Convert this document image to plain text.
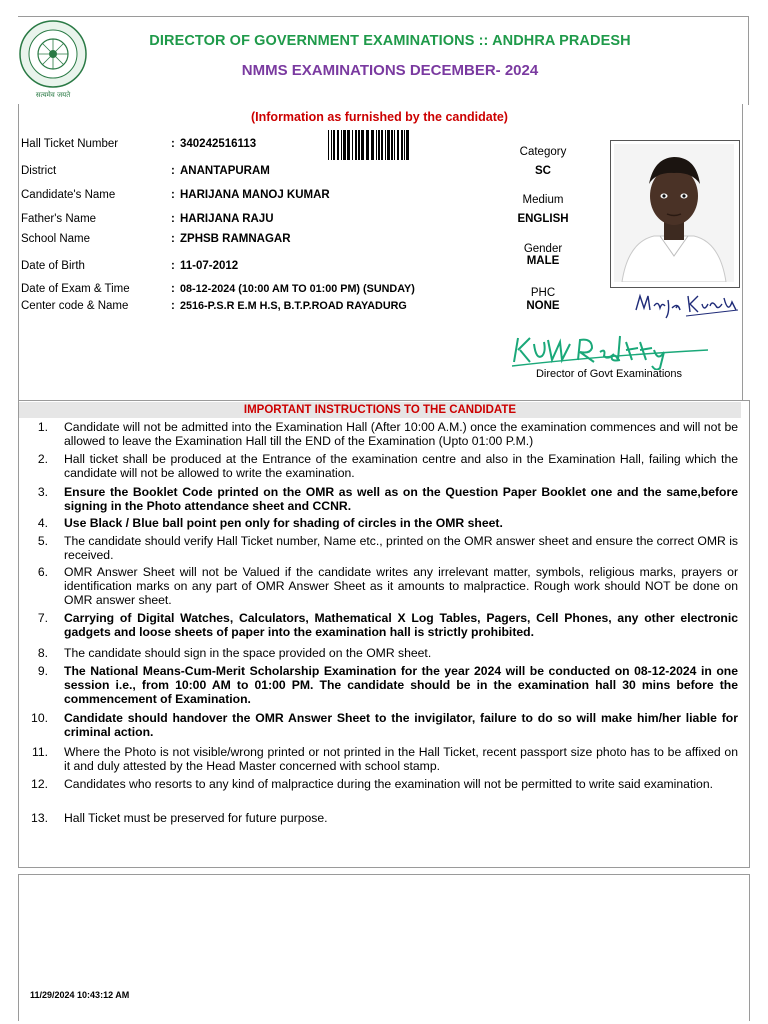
सत्यमेव जयते
DIRECTOR OF GOVERNMENT EXAMINATIONS :: ANDHRA PRADESH
NMMS EXAMINATIONS DECEMBER- 2024
(Information as furnished by the candidate)
Hall Ticket Number	: 340242516113
District	: ANANTAPURAM
Candidate's Name	: HARIJANA MANOJ KUMAR
Father's Name	: HARIJANA RAJU
School Name	: ZPHSB RAMNAGAR
Date of Birth	: 11-07-2012
Date of Exam & Time	: 08-12-2024 (10:00 AM TO 01:00 PM) (SUNDAY)
Center code & Name	: 2516-P.S.R E.M H.S, B.T.P.ROAD RAYADURG
Category
SC
Medium
ENGLISH
Gender
MALE
PHC
NONE
Director of Govt Examinations
IMPORTANT INSTRUCTIONS TO THE CANDIDATE
1. Candidate will not be admitted into the Examination Hall (After 10:00 A.M.) once the examination commences and will not be allowed to leave the Examination Hall till the END of the Examination (Upto 01:00 P.M.)
2. Hall ticket shall be produced at the Entrance of the examination centre and also in the Examination Hall, failing which the candidate will not be allowed to write the examination.
3. Ensure the Booklet Code printed on the OMR as well as on the Question Paper Booklet one and the same,before signing in the Photo attendance sheet and CCNR.
4. Use Black / Blue ball point pen only for shading of circles in the OMR sheet.
5. The candidate should verify Hall Ticket number, Name etc., printed on the OMR answer sheet and ensure the correct OMR is received.
6. OMR Answer Sheet will not be Valued if the candidate writes any irrelevant matter, symbols, religious marks, prayers or identification marks on any part of OMR Answer Sheet as it amounts to malpractice. Rough work should NOT be done on OMR answer sheet.
7. Carrying of Digital Watches, Calculators, Mathematical X Log Tables, Pagers, Cell Phones, any other electronic gadgets and loose sheets of paper into the examination hall is strictly prohibited.
8. The candidate should sign in the space provided on the OMR sheet.
9. The National Means-Cum-Merit Scholarship Examination for the year 2024 will be conducted on 08-12-2024 in one session i.e., from 10:00 AM to 01:00 PM. The candidate should be in the examination hall 30 mins before the commencement of Examination.
10. Candidate should handover the OMR Answer Sheet to the invigilator, failure to do so will make him/her liable for criminal action.
11. Where the Photo is not visible/wrong printed or not printed in the Hall Ticket, recent passport size photo has to be affixed on it and duly attested by the Head Master concerned with school stamp.
12. Candidates who resorts to any kind of malpractice during the examination will not be permitted to write said examination.
13. Hall Ticket must be preserved for future purpose.
11/29/2024 10:43:12 AM
